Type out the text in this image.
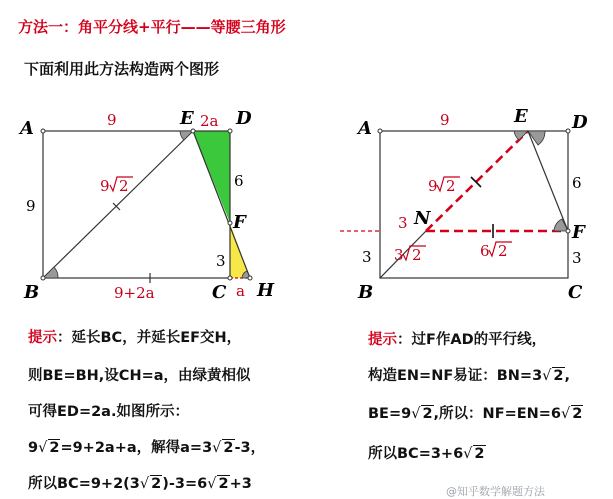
方法一：角平分线+平行——等腰三角形
下面利用此方法构造两个图形
A	E D
F
B	C H
9	2a
9
9 2	6
3
9+2a	a
A
E D
N
F
B	C
9
3
3 3 2
9 2
6 2
6
3
提示：延长BC，并延长EF交H，
则BE=BH,设CH=a，由绿黄相似
可得ED=2a.如图所示：
9√ 2=9+2a+a，解得a=3√ 2-3，
所以BC=9+2(3√ 2)-3=6√ 2+3
提示：过F作AD的平行线，
构造EN=NF易证：BN=3√ 2,
BE=9√ 2,所以：NF=EN=6√ 2
所以BC=3+6√ 2
@知乎数学解题方法
